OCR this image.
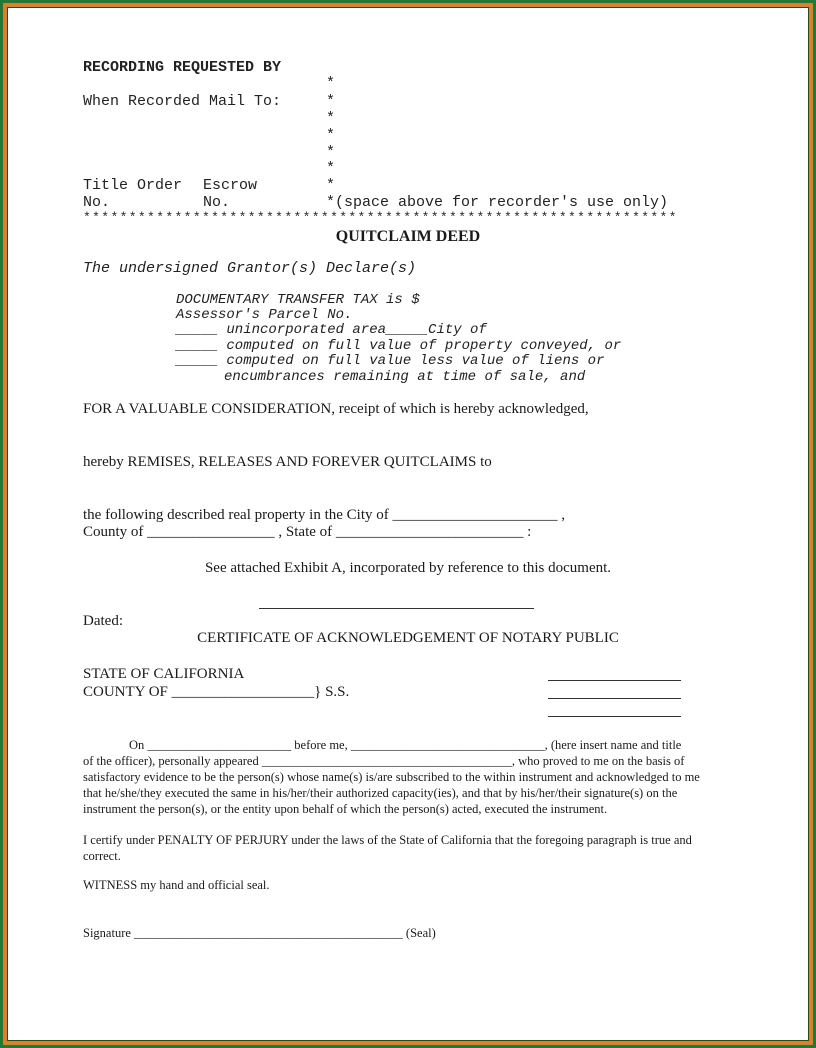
RECORDING REQUESTED BY
When Recorded Mail To:
*
*
*
*
*
*
*
Title Order Escrow
No.	No.	*(space above for recorder's use only)
*****************************************************************
QUITCLAIM DEED
The undersigned Grantor(s) Declare(s)
DOCUMENTARY TRANSFER TAX is $
Assessor's Parcel No.
_____ unincorporated area_____City of
_____ computed on full value of property conveyed, or
_____ computed on full value less value of liens or
encumbrances remaining at time of sale, and
FOR A VALUABLE CONSIDERATION, receipt of which is hereby acknowledged,
hereby REMISES, RELEASES AND FOREVER QUITCLAIMS to
the following described real property in the City of ______________________ ,
County of _________________ , State of _________________________ :
See attached Exhibit A, incorporated by reference to this document.
Dated:
CERTIFICATE OF ACKNOWLEDGEMENT OF NOTARY PUBLIC
STATE OF CALIFORNIA
COUNTY OF ___________________} S.S.
On _______________________ before me, _______________________________, (here insert name and title
of the officer), personally appeared ________________________________________, who proved to me on the basis of
satisfactory evidence to be the person(s) whose name(s) is/are subscribed to the within instrument and acknowledged to me
that he/she/they executed the same in his/her/their authorized capacity(ies), and that by his/her/their signature(s) on the
instrument the person(s), or the entity upon behalf of which the person(s) acted, executed the instrument.
I certify under PENALTY OF PERJURY under the laws of the State of California that the foregoing paragraph is true and
correct.
WITNESS my hand and official seal.
Signature ___________________________________________ (Seal)
